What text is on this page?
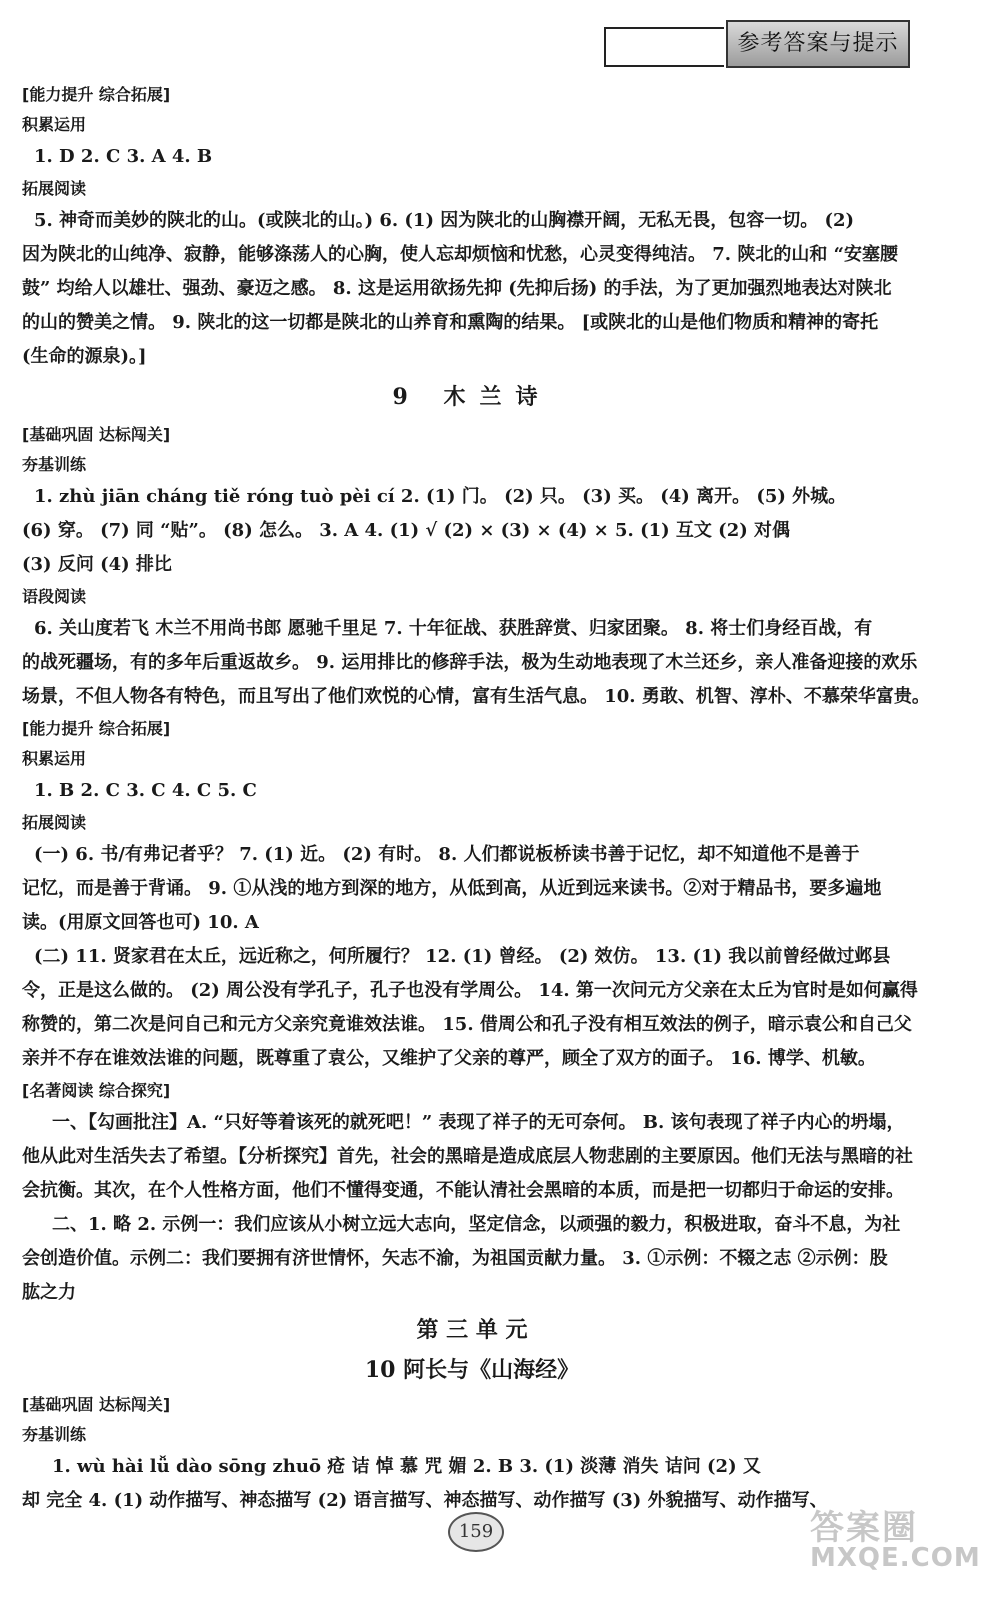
参考答案与提示
[能力提升 综合拓展]
积累运用
1. D 2. C 3. A 4. B
拓展阅读
5. 神奇而美妙的陕北的山。(或陕北的山。) 6. (1) 因为陕北的山胸襟开阔，无私无畏，包容一切。 (2)
因为陕北的山纯净、寂静，能够涤荡人的心胸，使人忘却烦恼和忧愁，心灵变得纯洁。 7. 陕北的山和 “安塞腰
鼓” 均给人以雄壮、强劲、豪迈之感。 8. 这是运用欲扬先抑 (先抑后扬) 的手法，为了更加强烈地表达对陕北
的山的赞美之情。 9. 陕北的这一切都是陕北的山养育和熏陶的结果。 [或陕北的山是他们物质和精神的寄托
(生命的源泉)。]
9 木兰诗
[基础巩固 达标闯关]
夯基训练
1. zhù jiān cháng tiě róng tuò pèi cí 2. (1) 门。 (2) 只。 (3) 买。 (4) 离开。 (5) 外城。
(6) 穿。 (7) 同 “贴”。 (8) 怎么。 3. A 4. (1) √ (2) × (3) × (4) × 5. (1) 互文 (2) 对偶
(3) 反问 (4) 排比
语段阅读
6. 关山度若飞 木兰不用尚书郎 愿驰千里足 7. 十年征战、获胜辞赏、归家团聚。 8. 将士们身经百战，有
的战死疆场，有的多年后重返故乡。 9. 运用排比的修辞手法，极为生动地表现了木兰还乡，亲人准备迎接的欢乐
场景，不但人物各有特色，而且写出了他们欢悦的心情，富有生活气息。 10. 勇敢、机智、淳朴、不慕荣华富贵。
[能力提升 综合拓展]
积累运用
1. B 2. C 3. C 4. C 5. C
拓展阅读
(一) 6. 书/有弗记者乎？ 7. (1) 近。 (2) 有时。 8. 人们都说板桥读书善于记忆，却不知道他不是善于
记忆，而是善于背诵。 9. ①从浅的地方到深的地方，从低到高，从近到远来读书。②对于精品书，要多遍地
读。(用原文回答也可) 10. A
(二) 11. 贤家君在太丘，远近称之，何所履行？ 12. (1) 曾经。 (2) 效仿。 13. (1) 我以前曾经做过邺县
令，正是这么做的。 (2) 周公没有学孔子，孔子也没有学周公。 14. 第一次问元方父亲在太丘为官时是如何赢得
称赞的，第二次是问自己和元方父亲究竟谁效法谁。 15. 借周公和孔子没有相互效法的例子，暗示袁公和自己父
亲并不存在谁效法谁的问题，既尊重了袁公，又维护了父亲的尊严，顾全了双方的面子。 16. 博学、机敏。
[名著阅读 综合探究]
一、【勾画批注】A. “只好等着该死的就死吧！” 表现了祥子的无可奈何。 B. 该句表现了祥子内心的坍塌，
他从此对生活失去了希望。【分析探究】首先，社会的黑暗是造成底层人物悲剧的主要原因。他们无法与黑暗的社
会抗衡。其次，在个人性格方面，他们不懂得变通，不能认清社会黑暗的本质，而是把一切都归于命运的安排。
二、1. 略 2. 示例一：我们应该从小树立远大志向，坚定信念，以顽强的毅力，积极进取，奋斗不息，为社
会创造价值。示例二：我们要拥有济世情怀，矢志不渝，为祖国贡献力量。 3. ①示例：不辍之志 ②示例：股
肱之力
第 三 单 元
10 阿长与《山海经》
[基础巩固 达标闯关]
夯基训练
1. wù hài lǚ dào sōng zhuō 疮 诘 悼 慕 咒 媚 2. B 3. (1) 淡薄 消失 诘问 (2) 又
却 完全 4. (1) 动作描写、神态描写 (2) 语言描写、神态描写、动作描写 (3) 外貌描写、动作描写、
159	答案圈
MXQE.COM
